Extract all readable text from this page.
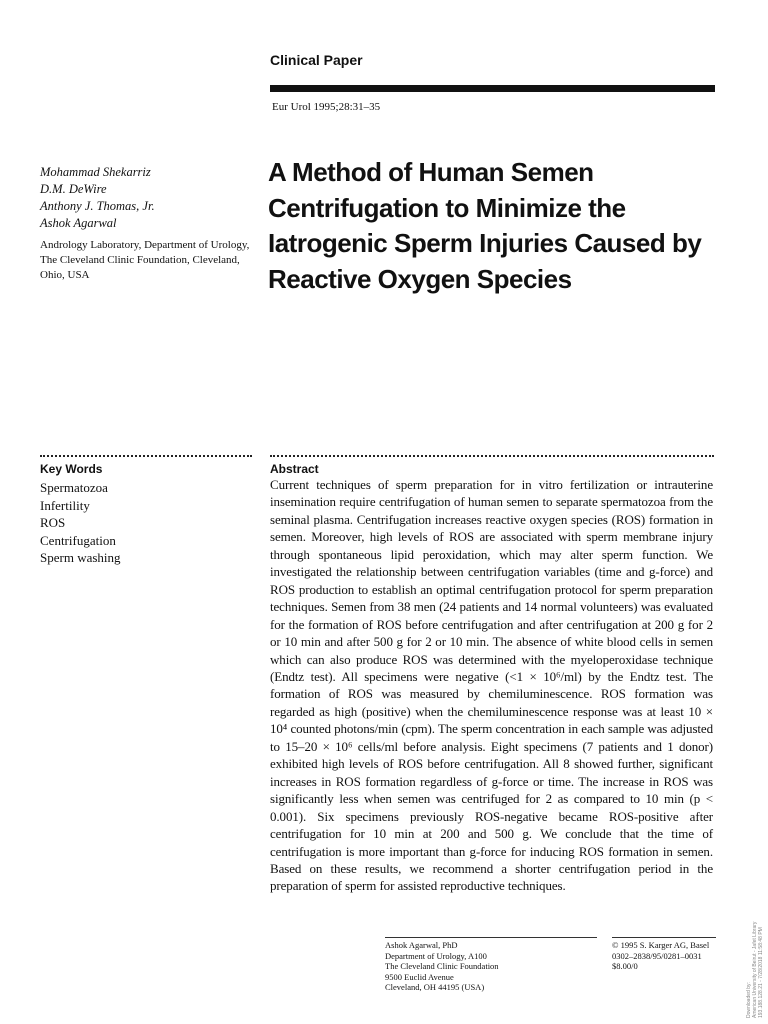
Clinical Paper
Eur Urol 1995;28:31–35
Mohammad Shekarriz
D.M. DeWire
Anthony J. Thomas, Jr.
Ashok Agarwal
Andrology Laboratory, Department of Urology, The Cleveland Clinic Foundation, Cleveland, Ohio, USA
A Method of Human Semen Centrifugation to Minimize the Iatrogenic Sperm Injuries Caused by Reactive Oxygen Species
Key Words
Spermatozoa
Infertility
ROS
Centrifugation
Sperm washing
Abstract
Current techniques of sperm preparation for in vitro fertilization or intrauterine insemination require centrifugation of human semen to separate spermatozoa from the seminal plasma. Centrifugation increases reactive oxygen species (ROS) formation in semen. Moreover, high levels of ROS are associated with sperm membrane injury through spontaneous lipid peroxidation, which may alter sperm function. We investigated the relationship between centrifugation variables (time and g-force) and ROS production to establish an optimal centrifugation protocol for sperm preparation techniques. Semen from 38 men (24 patients and 14 normal volunteers) was evaluated for the formation of ROS before centrifugation and after centrifugation at 200 g for 2 or 10 min and after 500 g for 2 or 10 min. The absence of white blood cells in semen which can also produce ROS was determined with the myeloperoxidase technique (Endtz test). All specimens were negative (<1 × 10⁶/ml) by the Endtz test. The formation of ROS was measured by chemiluminescence. ROS formation was regarded as high (positive) when the chemiluminescence response was at least 10 × 10⁴ counted photons/min (cpm). The sperm concentration in each sample was adjusted to 15–20 × 10⁶ cells/ml before analysis. Eight specimens (7 patients and 1 donor) exhibited high levels of ROS before centrifugation. All 8 showed further, significant increases in ROS formation regardless of g-force or time. The increase in ROS was significantly less when semen was centrifuged for 2 as compared to 10 min (p < 0.001). Six specimens previously ROS-negative became ROS-positive after centrifugation for 10 min at 200 and 500 g. We conclude that the time of centrifugation is more important than g-force for inducing ROS formation in semen. Based on these results, we recommend a shorter centrifugation period in the preparation of sperm for assisted reproductive techniques.
Ashok Agarwal, PhD
Department of Urology, A100
The Cleveland Clinic Foundation
9500 Euclid Avenue
Cleveland, OH 44195 (USA)
© 1995 S. Karger AG, Basel
0302–2838/95/0281–0031
$8.00/0
Downloaded by: American University of Beirut - Jafet Library 193.188.128.21 - 7/28/2018 11:58:48 PM
